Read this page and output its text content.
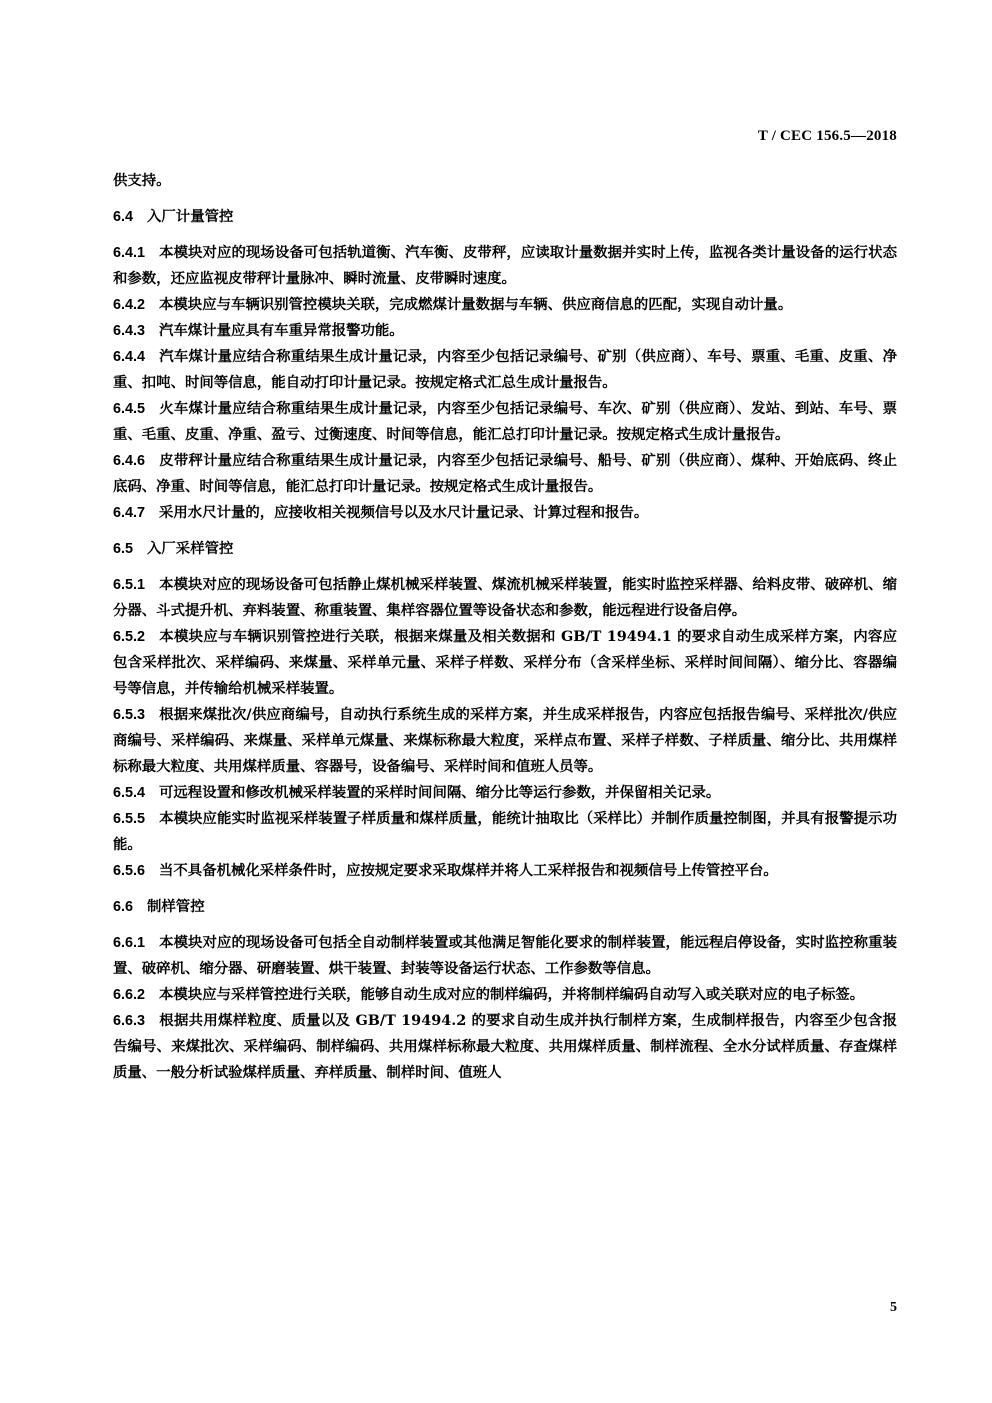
T / CEC 156.5—2018
供支持。
6.4 入厂计量管控
6.4.1 本模块对应的现场设备可包括轨道衡、汽车衡、皮带秤，应读取计量数据并实时上传，监视各类计量设备的运行状态和参数，还应监视皮带秤计量脉冲、瞬时流量、皮带瞬时速度。
6.4.2 本模块应与车辆识别管控模块关联，完成燃煤计量数据与车辆、供应商信息的匹配，实现自动计量。
6.4.3 汽车煤计量应具有车重异常报警功能。
6.4.4 汽车煤计量应结合称重结果生成计量记录，内容至少包括记录编号、矿别（供应商）、车号、票重、毛重、皮重、净重、扣吨、时间等信息，能自动打印计量记录。按规定格式汇总生成计量报告。
6.4.5 火车煤计量应结合称重结果生成计量记录，内容至少包括记录编号、车次、矿别（供应商）、发站、到站、车号、票重、毛重、皮重、净重、盈亏、过衡速度、时间等信息，能汇总打印计量记录。按规定格式生成计量报告。
6.4.6 皮带秤计量应结合称重结果生成计量记录，内容至少包括记录编号、船号、矿别（供应商）、煤种、开始底码、终止底码、净重、时间等信息，能汇总打印计量记录。按规定格式生成计量报告。
6.4.7 采用水尺计量的，应接收相关视频信号以及水尺计量记录、计算过程和报告。
6.5 入厂采样管控
6.5.1 本模块对应的现场设备可包括静止煤机械采样装置、煤流机械采样装置，能实时监控采样器、给料皮带、破碎机、缩分器、斗式提升机、弃料装置、称重装置、集样容器位置等设备状态和参数，能远程进行设备启停。
6.5.2 本模块应与车辆识别管控进行关联，根据来煤量及相关数据和 GB/T 19494.1 的要求自动生成采样方案，内容应包含采样批次、采样编码、来煤量、采样单元量、采样子样数、采样分布（含采样坐标、采样时间间隔）、缩分比、容器编号等信息，并传输给机械采样装置。
6.5.3 根据来煤批次/供应商编号，自动执行系统生成的采样方案，并生成采样报告，内容应包括报告编号、采样批次/供应商编号、采样编码、来煤量、采样单元煤量、来煤标称最大粒度，采样点布置、采样子样数、子样质量、缩分比、共用煤样标称最大粒度、共用煤样质量、容器号，设备编号、采样时间和值班人员等。
6.5.4 可远程设置和修改机械采样装置的采样时间间隔、缩分比等运行参数，并保留相关记录。
6.5.5 本模块应能实时监视采样装置子样质量和煤样质量，能统计抽取比（采样比）并制作质量控制图，并具有报警提示功能。
6.5.6 当不具备机械化采样条件时，应按规定要求采取煤样并将人工采样报告和视频信号上传管控平台。
6.6 制样管控
6.6.1 本模块对应的现场设备可包括全自动制样装置或其他满足智能化要求的制样装置，能远程启停设备，实时监控称重装置、破碎机、缩分器、研磨装置、烘干装置、封装等设备运行状态、工作参数等信息。
6.6.2 本模块应与采样管控进行关联，能够自动生成对应的制样编码，并将制样编码自动写入或关联对应的电子标签。
6.6.3 根据共用煤样粒度、质量以及 GB/T 19494.2 的要求自动生成并执行制样方案，生成制样报告，内容至少包含报告编号、来煤批次、采样编码、制样编码、共用煤样标称最大粒度、共用煤样质量、制样流程、全水分试样质量、存查煤样质量、一般分析试验煤样质量、弃样质量、制样时间、值班人
5
